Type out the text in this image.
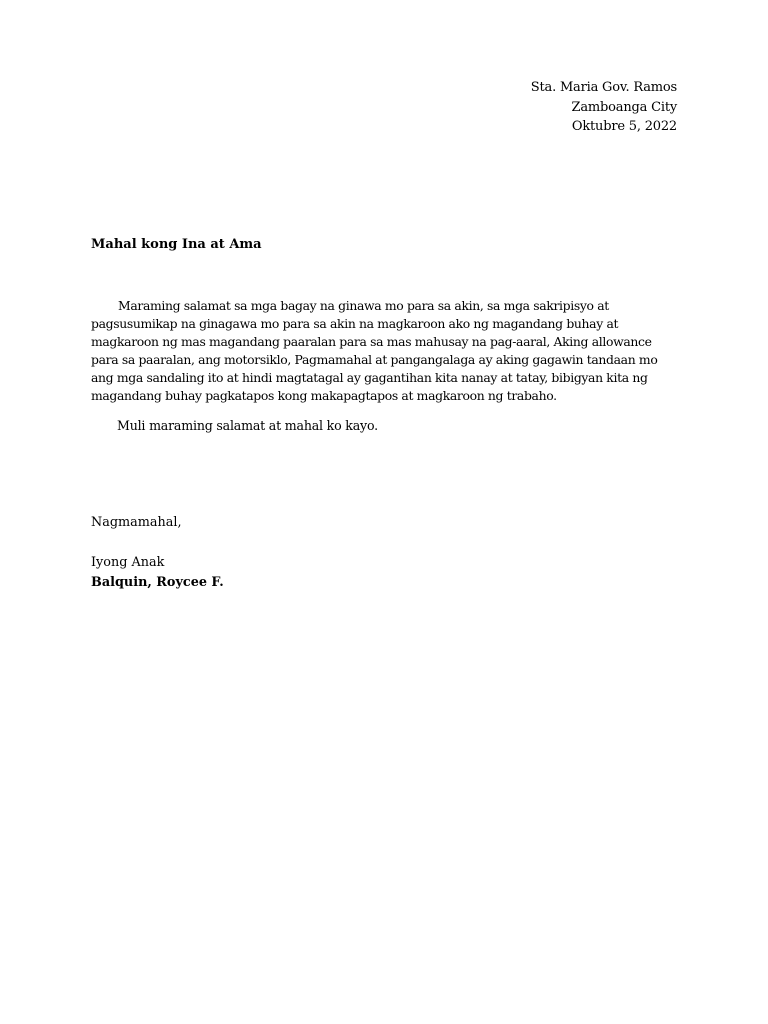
Sta. Maria Gov. Ramos
Zamboanga City
Oktubre 5, 2022
Mahal kong Ina at Ama
Maraming salamat sa mga bagay na ginawa mo para sa akin, sa mga sakripisyo at
pagsusumikap na ginagawa mo para sa akin na magkaroon ako ng magandang buhay at
magkaroon ng mas magandang paaralan para sa mas mahusay na pag-aaral, Aking allowance
para sa paaralan, ang motorsiklo, Pagmamahal at pangangalaga ay aking gagawin tandaan mo
ang mga sandaling ito at hindi magtatagal ay gagantihan kita nanay at tatay, bibigyan kita ng
magandang buhay pagkatapos kong makapagtapos at magkaroon ng trabaho.
Muli maraming salamat at mahal ko kayo.
Nagmamahal,
Iyong Anak
Balquin, Roycee F.
